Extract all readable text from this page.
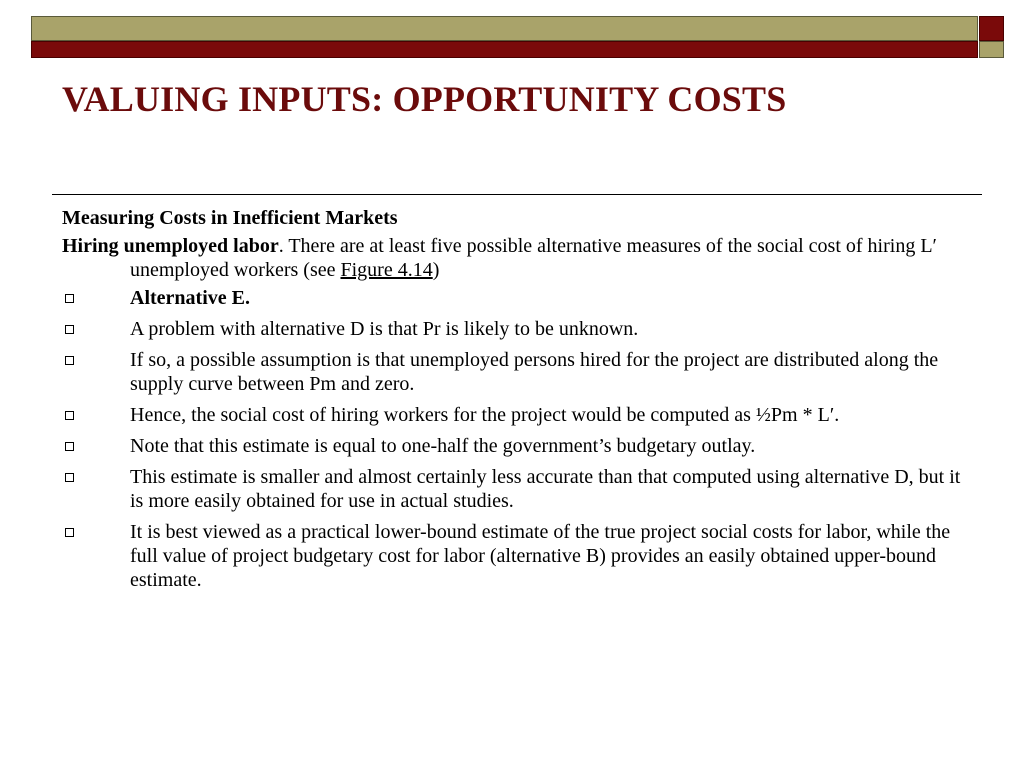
VALUING INPUTS: OPPORTUNITY COSTS

Measuring Costs in Inefficient Markets

Hiring unemployed labor. There are at least five possible alternative measures of the social cost of hiring L′ unemployed workers (see Figure 4.14)

Alternative E.
A problem with alternative D is that Pr is likely to be unknown.
If so, a possible assumption is that unemployed persons hired for the project are distributed along the supply curve between Pm and zero.
Hence, the social cost of hiring workers for the project would be computed as ½Pm * L′.
Note that this estimate is equal to one-half the government’s budgetary outlay.
This estimate is smaller and almost certainly less accurate than that computed using alternative D, but it is more easily obtained for use in actual studies.
It is best viewed as a practical lower-bound estimate of the true project social costs for labor, while the full value of project budgetary cost for labor (alternative B) provides an easily obtained upper-bound estimate.
